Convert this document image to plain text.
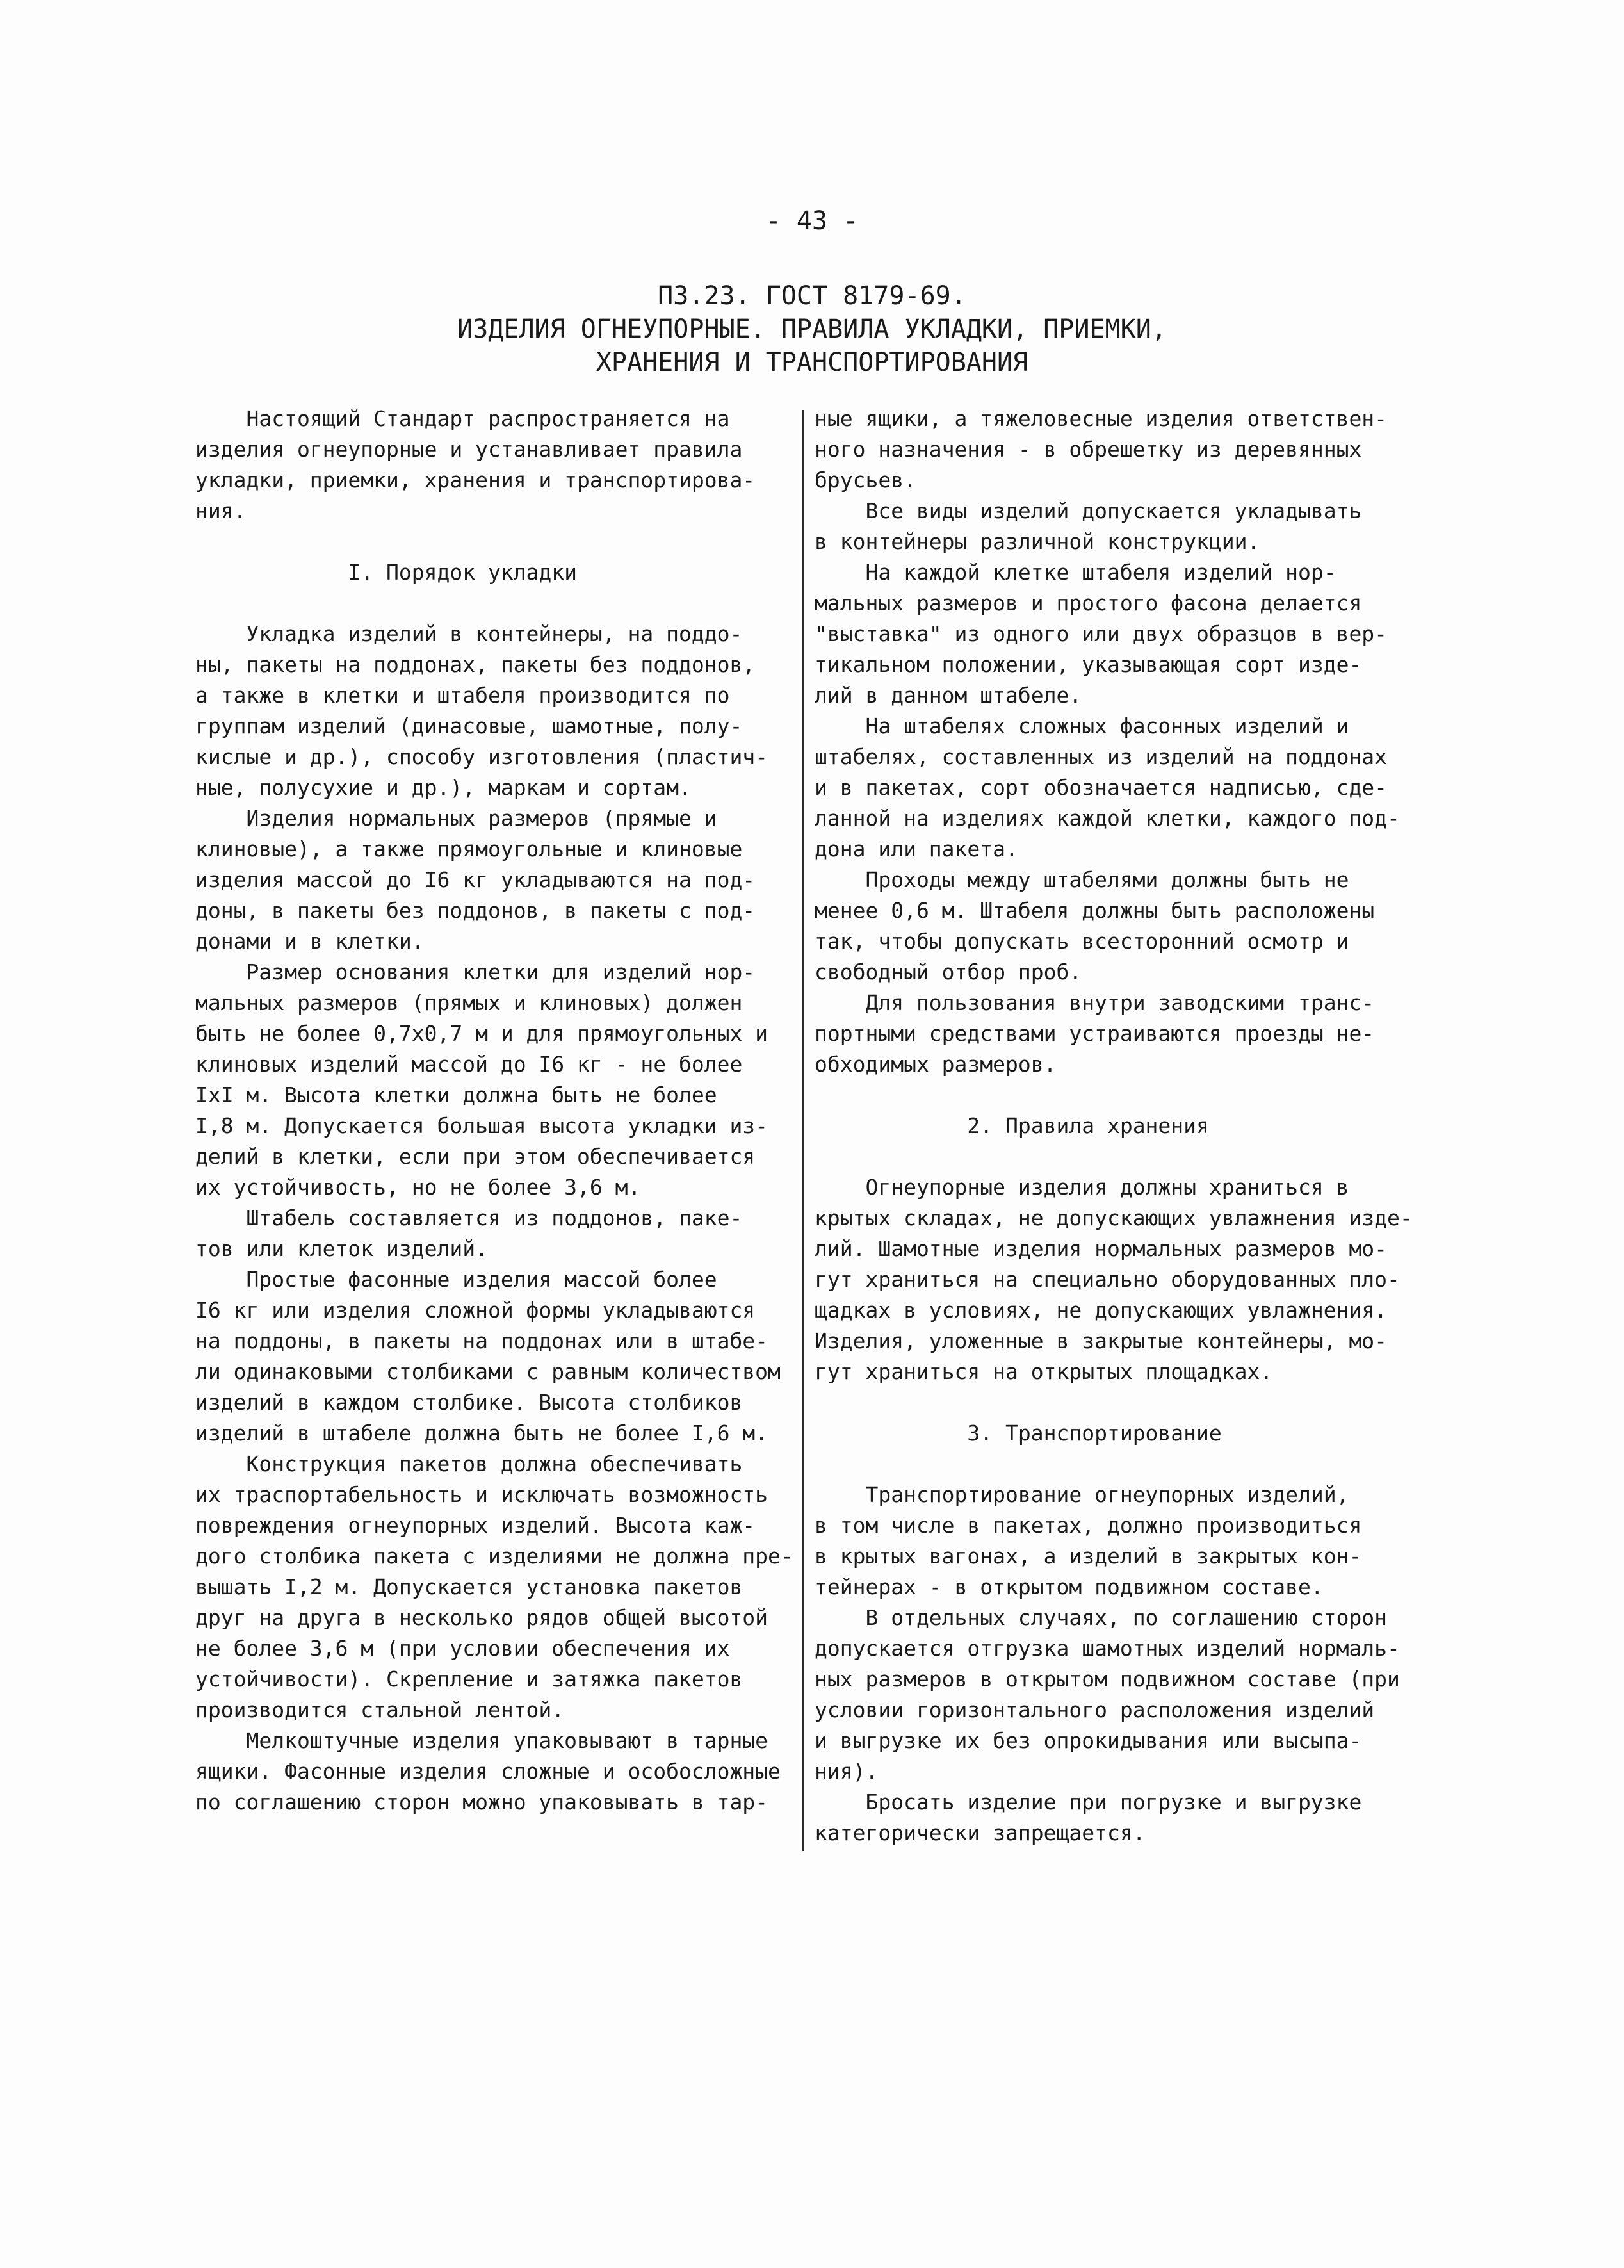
- 43 -
ПЗ.23. ГОСТ 8179-69.
ИЗДЕЛИЯ ОГНЕУПОРНЫЕ. ПРАВИЛА УКЛАДКИ, ПРИЕМКИ,
ХРАНЕНИЯ И ТРАНСПОРТИРОВАНИЯ
Настоящий Стандарт распространяется на
изделия огнеупорные и устанавливает правила
укладки, приемки, хранения и транспортирова-
ния.
I. Порядок укладки
Укладка изделий в контейнеры, на поддо-
ны, пакеты на поддонах, пакеты без поддонов,
а также в клетки и штабеля производится по
группам изделий (динасовые, шамотные, полу-
кислые и др.), способу изготовления (пластич-
ные, полусухие и др.), маркам и сортам.
Изделия нормальных размеров (прямые и
клиновые), а также прямоугольные и клиновые
изделия массой до I6 кг укладываются на под-
доны, в пакеты без поддонов, в пакеты с под-
донами и в клетки.
Размер основания клетки для изделий нор-
мальных размеров (прямых и клиновых) должен
быть не более 0,7х0,7 м и для прямоугольных и
клиновых изделий массой до I6 кг - не более
IхI м. Высота клетки должна быть не более
I,8 м. Допускается большая высота укладки из-
делий в клетки, если при этом обеспечивается
их устойчивость, но не более 3,6 м.
Штабель составляется из поддонов, паке-
тов или клеток изделий.
Простые фасонные изделия массой более
I6 кг или изделия сложной формы укладываются
на поддоны, в пакеты на поддонах или в штабе-
ли одинаковыми столбиками с равным количеством
изделий в каждом столбике. Высота столбиков
изделий в штабеле должна быть не более I,6 м.
Конструкция пакетов должна обеспечивать
их траспортабельность и исключать возможность
повреждения огнеупорных изделий. Высота каж-
дого столбика пакета с изделиями не должна пре-
вышать I,2 м. Допускается установка пакетов
друг на друга в несколько рядов общей высотой
не более 3,6 м (при условии обеспечения их
устойчивости). Скрепление и затяжка пакетов
производится стальной лентой.
Мелкоштучные изделия упаковывают в тарные
ящики. Фасонные изделия сложные и особосложные
по соглашению сторон можно упаковывать в тар-
ные ящики, а тяжеловесные изделия ответствен-
ного назначения - в обрешетку из деревянных
брусьев.
Все виды изделий допускается укладывать
в контейнеры различной конструкции.
На каждой клетке штабеля изделий нор-
мальных размеров и простого фасона делается
"выставка" из одного или двух образцов в вер-
тикальном положении, указывающая сорт изде-
лий в данном штабеле.
На штабелях сложных фасонных изделий и
штабелях, составленных из изделий на поддонах
и в пакетах, сорт обозначается надписью, сде-
ланной на изделиях каждой клетки, каждого под-
дона или пакета.
Проходы между штабелями должны быть не
менее 0,6 м. Штабеля должны быть расположены
так, чтобы допускать всесторонний осмотр и
свободный отбор проб.
Для пользования внутри заводскими транс-
портными средствами устраиваются проезды не-
обходимых размеров.
2. Правила хранения
Огнеупорные изделия должны храниться в
крытых складах, не допускающих увлажнения изде-
лий. Шамотные изделия нормальных размеров мо-
гут храниться на специально оборудованных пло-
щадках в условиях, не допускающих увлажнения.
Изделия, уложенные в закрытые контейнеры, мо-
гут храниться на открытых площадках.
3. Транспортирование
Транспортирование огнеупорных изделий,
в том числе в пакетах, должно производиться
в крытых вагонах, а изделий в закрытых кон-
тейнерах - в открытом подвижном составе.
В отдельных случаях, по соглашению сторон
допускается отгрузка шамотных изделий нормаль-
ных размеров в открытом подвижном составе (при
условии горизонтального расположения изделий
и выгрузке их без опрокидывания или высыпа-
ния).
Бросать изделие при погрузке и выгрузке
категорически запрещается.
